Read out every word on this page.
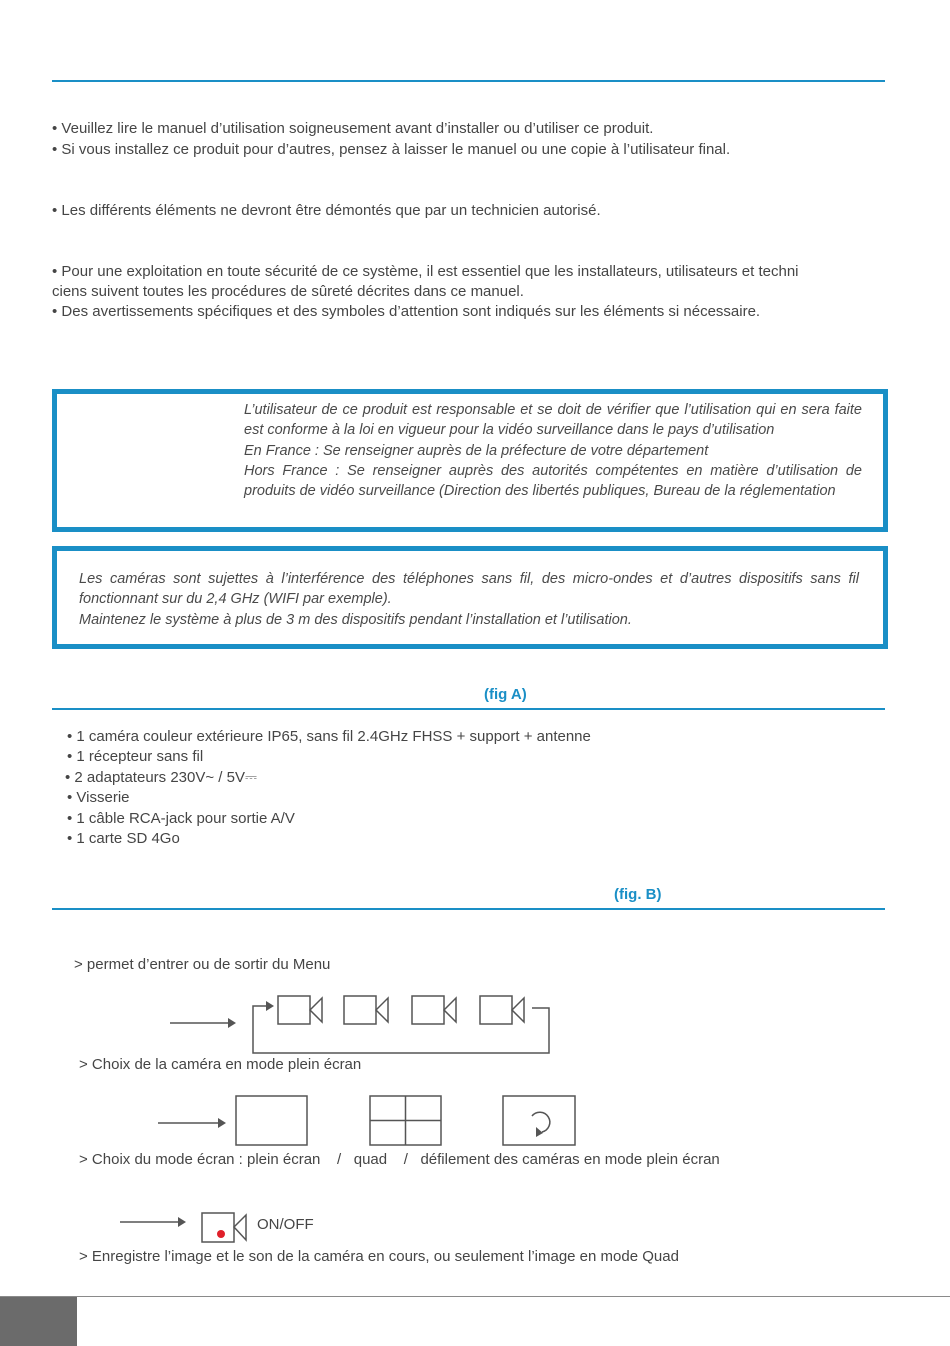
• Veuillez lire le manuel d’utilisation soigneusement avant d’installer ou d’utiliser ce produit.
• Si vous installez ce produit pour d’autres, pensez à laisser le manuel ou une copie à l’utilisateur final.
• Les différents éléments ne devront être démontés que par un technicien autorisé.
• Pour une exploitation en toute sécurité de ce système, il est essentiel que les installateurs, utilisateurs et techni
ciens suivent toutes les procédures de sûreté décrites dans ce manuel.
• Des avertissements spécifiques et des symboles d’attention sont indiqués sur les éléments si nécessaire.

L’utilisateur de ce produit est responsable et se doit de vérifier que l’utilisation qui en sera faite est conforme à la loi en vigueur pour la vidéo surveillance dans le pays d’utilisation

En France : Se renseigner auprès de la préfecture de votre département

Hors France : Se renseigner auprès des autorités compétentes en matière d’utilisation de produits de vidéo surveillance (Direction des libertés publiques, Bureau de la réglementation

Les caméras sont sujettes à l’interférence des téléphones sans fil, des micro-ondes et d’autres dispositifs sans fil fonctionnant sur du 2,4 GHz (WIFI par exemple).

Maintenez le système à plus de 3 m des dispositifs pendant l’installation et l’utilisation.

(fig A)
• 1 caméra couleur extérieure IP65, sans fil 2.4GHz FHSS + support + antenne
• 1 récepteur sans fil
• 2 adaptateurs 230V~ / 5V⎓
• Visserie
• 1 câble RCA-jack pour sortie A/V
• 1 carte SD 4Go
(fig. B)
> permet d’entrer ou de sortir du Menu
> Choix de la caméra en mode plein écran
> Choix du mode écran : plein écran    /   quad    /   défilement des caméras en mode plein écran
ON/OFF
> Enregistre l’image et le son de la caméra en cours, ou seulement l’image en mode Quad
